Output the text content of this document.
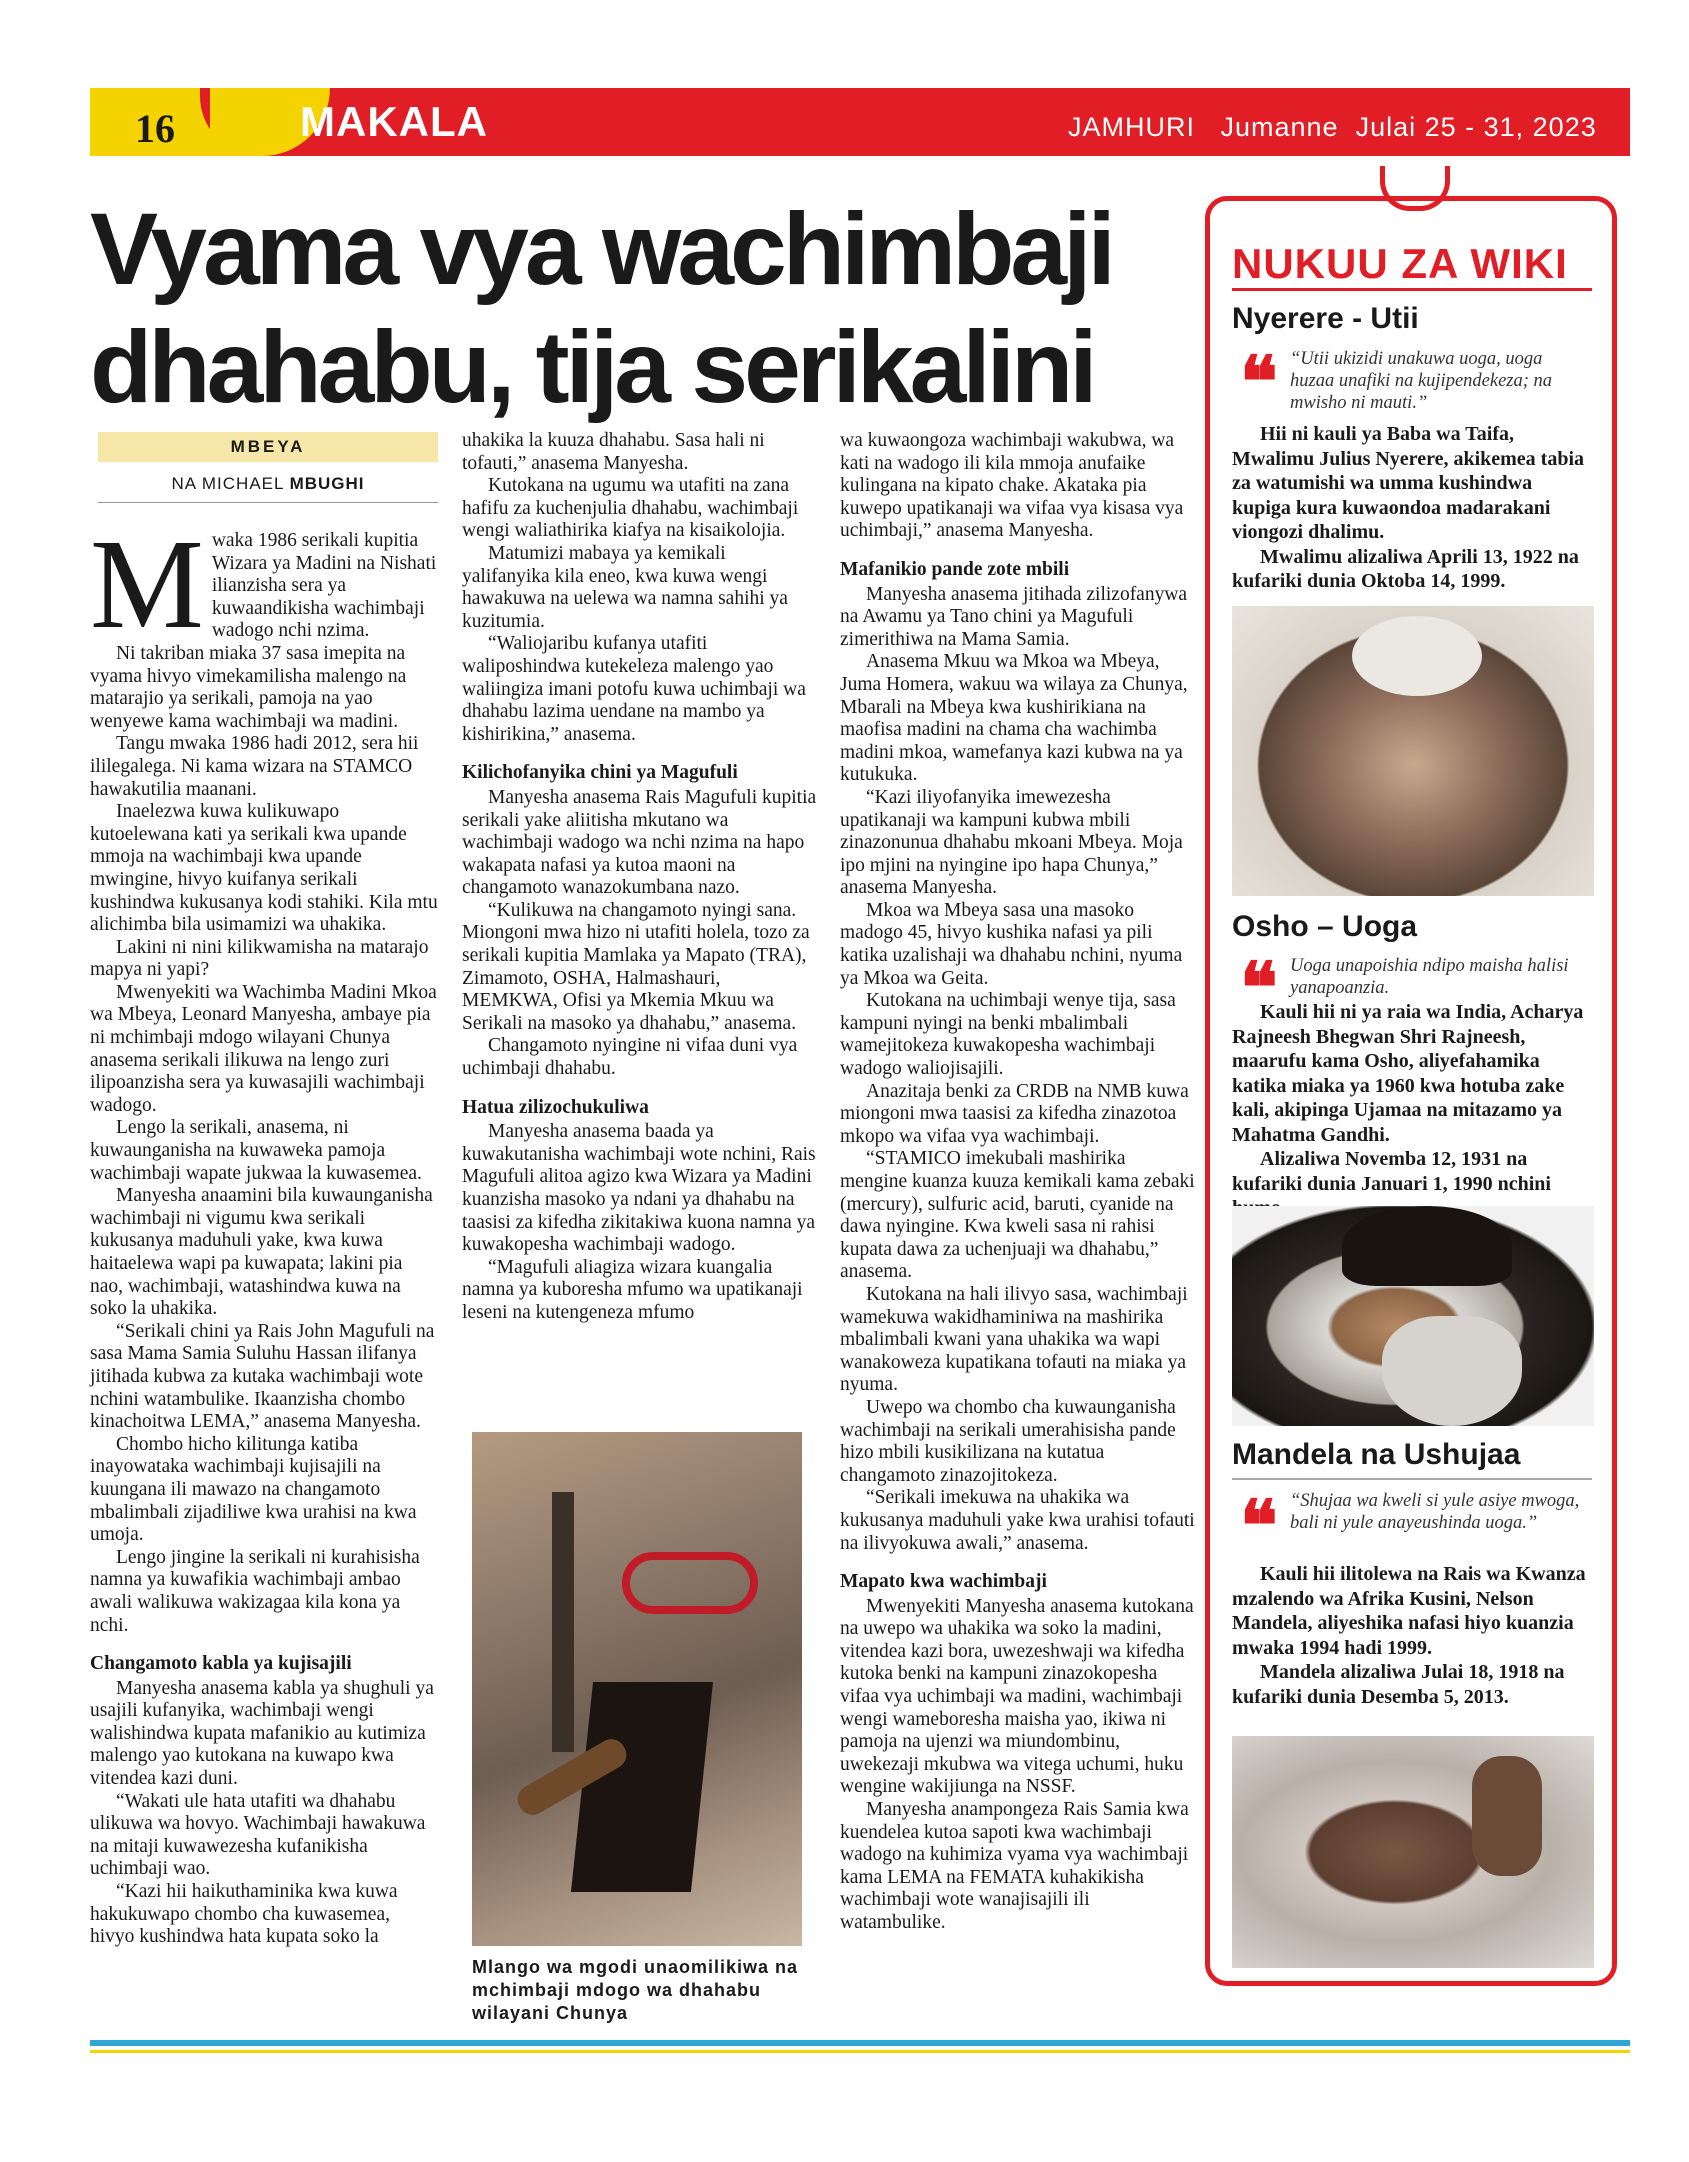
16	MAKALA	JAMHURI   Jumanne  Julai 25 - 31, 2023
Vyama vya wachimbaji
dhahabu, tija serikalini
MBEYA
NA MICHAEL MBUGHI

Mwaka 1986 serikali kupitia Wizara ya Madini na Nishati ilianzisha sera ya kuwaandikisha wachimbaji wadogo nchi nzima.

Ni takriban miaka 37 sasa imepita na vyama hivyo vimekamilisha malengo na matarajio ya serikali, pamoja na yao wenyewe kama wachimbaji wa madini.

Tangu mwaka 1986 hadi 2012, sera hii ililegalega. Ni kama wizara na STAMCO hawakutilia maanani.

Inaelezwa kuwa kulikuwapo kutoelewana kati ya serikali kwa upande mmoja na wachimbaji kwa upande mwingine, hivyo kuifanya serikali kushindwa kukusanya kodi stahiki. Kila mtu alichimba bila usimamizi wa uhakika.

Lakini ni nini kilikwamisha na matarajo mapya ni yapi?

Mwenyekiti wa Wachimba Madini Mkoa wa Mbeya, Leonard Manyesha, ambaye pia ni mchimbaji mdogo wilayani Chunya anasema serikali ilikuwa na lengo zuri ilipoanzisha sera ya kuwasajili wachimbaji wadogo.

Lengo la serikali, anasema, ni kuwaunganisha na kuwaweka pamoja wachimbaji wapate jukwaa la kuwasemea.

Manyesha anaamini bila kuwaunganisha wachimbaji ni vigumu kwa serikali kukusanya maduhuli yake, kwa kuwa haitaelewa wapi pa kuwapata; lakini pia nao, wachimbaji, watashindwa kuwa na soko la uhakika.

“Serikali chini ya Rais John Magufuli na sasa Mama Samia Suluhu Hassan ilifanya jitihada kubwa za kutaka wachimbaji wote nchini watambulike. Ikaanzisha chombo kinachoitwa LEMA,” anasema Manyesha.

Chombo hicho kilitunga katiba inayowataka wachimbaji kujisajili na kuungana ili mawazo na changamoto mbalimbali zijadiliwe kwa urahisi na kwa umoja.

Lengo jingine la serikali ni kurahisisha namna ya kuwafikia wachimbaji ambao awali walikuwa wakizagaa kila kona ya nchi.

Changamoto kabla ya kujisajili

Manyesha anasema kabla ya shughuli ya usajili kufanyika, wachimbaji wengi walishindwa kupata mafanikio au kutimiza malengo yao kutokana na kuwapo kwa vitendea kazi duni.

“Wakati ule hata utafiti wa dhahabu ulikuwa wa hovyo. Wachimbaji hawakuwa na mitaji kuwawezesha kufanikisha uchimbaji wao.

“Kazi hii haikuthaminika kwa kuwa hakukuwapo chombo cha kuwasemea, hivyo kushindwa hata kupata soko la

uhakika la kuuza dhahabu. Sasa hali ni tofauti,” anasema Manyesha.

Kutokana na ugumu wa utafiti na zana hafifu za kuchenjulia dhahabu, wachimbaji wengi waliathirika kiafya na kisaikolojia.

Matumizi mabaya ya kemikali yalifanyika kila eneo, kwa kuwa wengi hawakuwa na uelewa wa namna sahihi ya kuzitumia.

“Waliojaribu kufanya utafiti waliposhindwa kutekeleza malengo yao waliingiza imani potofu kuwa uchimbaji wa dhahabu lazima uendane na mambo ya kishirikina,” anasema.

Kilichofanyika chini ya Magufuli

Manyesha anasema Rais Magufuli kupitia serikali yake aliitisha mkutano wa wachimbaji wadogo wa nchi nzima na hapo wakapata nafasi ya kutoa maoni na changamoto wanazokumbana nazo.

“Kulikuwa na changamoto nyingi sana. Miongoni mwa hizo ni utafiti holela, tozo za serikali kupitia Mamlaka ya Mapato (TRA), Zimamoto, OSHA, Halmashauri, MEMKWA, Ofisi ya Mkemia Mkuu wa Serikali na masoko ya dhahabu,” anasema.

Changamoto nyingine ni vifaa duni vya uchimbaji dhahabu.

Hatua zilizochukuliwa

Manyesha anasema baada ya kuwakutanisha wachimbaji wote nchini, Rais Magufuli alitoa agizo kwa Wizara ya Madini kuanzisha masoko ya ndani ya dhahabu na taasisi za kifedha zikitakiwa kuona namna ya kuwakopesha wachimbaji wadogo.

“Magufuli aliagiza wizara kuangalia namna ya kuboresha mfumo wa upatikanaji leseni na kutengeneza mfumo

Mlango wa mgodi unaomilikiwa na mchimbaji mdogo wa dhahabu wilayani Chunya

wa kuwaongoza wachimbaji wakubwa, wa kati na wadogo ili kila mmoja anufaike kulingana na kipato chake. Akataka pia kuwepo upatikanaji wa vifaa vya kisasa vya uchimbaji,” anasema Manyesha.

Mafanikio pande zote mbili

Manyesha anasema jitihada zilizofanywa na Awamu ya Tano chini ya Magufuli zimerithiwa na Mama Samia.

Anasema Mkuu wa Mkoa wa Mbeya, Juma Homera, wakuu wa wilaya za Chunya, Mbarali na Mbeya kwa kushirikiana na maofisa madini na chama cha wachimba madini mkoa, wamefanya kazi kubwa na ya kutukuka.

“Kazi iliyofanyika imewezesha upatikanaji wa kampuni kubwa mbili zinazonunua dhahabu mkoani Mbeya. Moja ipo mjini na nyingine ipo hapa Chunya,” anasema Manyesha.

Mkoa wa Mbeya sasa una masoko madogo 45, hivyo kushika nafasi ya pili katika uzalishaji wa dhahabu nchini, nyuma ya Mkoa wa Geita.

Kutokana na uchimbaji wenye tija, sasa kampuni nyingi na benki mbalimbali wamejitokeza kuwakopesha wachimbaji wadogo waliojisajili.

Anazitaja benki za CRDB na NMB kuwa miongoni mwa taasisi za kifedha zinazotoa mkopo wa vifaa vya wachimbaji.

“STAMICO imekubali mashirika mengine kuanza kuuza kemikali kama zebaki (mercury), sulfuric acid, baruti, cyanide na dawa nyingine. Kwa kweli sasa ni rahisi kupata dawa za uchenjuaji wa dhahabu,” anasema.

Kutokana na hali ilivyo sasa, wachimbaji wamekuwa wakidhaminiwa na mashirika mbalimbali kwani yana uhakika wa wapi wanakoweza kupatikana tofauti na miaka ya nyuma.

Uwepo wa chombo cha kuwaunganisha wachimbaji na serikali umerahisisha pande hizo mbili kusikilizana na kutatua changamoto zinazojitokeza.

“Serikali imekuwa na uhakika wa kukusanya maduhuli yake kwa urahisi tofauti na ilivyokuwa awali,” anasema.

Mapato kwa wachimbaji

Mwenyekiti Manyesha anasema kutokana na uwepo wa uhakika wa soko la madini, vitendea kazi bora, uwezeshwaji wa kifedha kutoka benki na kampuni zinazokopesha vifaa vya uchimbaji wa madini, wachimbaji wengi wameboresha maisha yao, ikiwa ni pamoja na ujenzi wa miundombinu, uwekezaji mkubwa wa vitega uchumi, huku wengine wakijiunga na NSSF.

Manyesha anampongeza Rais Samia kwa kuendelea kutoa sapoti kwa wachimbaji wadogo na kuhimiza vyama vya wachimbaji kama LEMA na FEMATA kuhakikisha wachimbaji wote wanajisajili ili watambulike.

NUKUU ZA WIKI
Nyerere - Utii
❝ “Utii ukizidi unakuwa uoga, uoga huzaa unafiki na kujipendekeza; na mwisho ni mauti.”

Hii ni kauli ya Baba wa Taifa, Mwalimu Julius Nyerere, akikemea tabia za watumishi wa umma kushindwa kupiga kura kuwaondoa madarakani viongozi dhalimu.

Mwalimu alizaliwa Aprili 13, 1922 na kufariki dunia Oktoba 14, 1999.

Osho – Uoga
❝ Uoga unapoishia ndipo maisha halisi yanapoanzia.

Kauli hii ni ya raia wa India, Acharya Rajneesh Bhegwan Shri Rajneesh, maarufu kama Osho, aliyefahamika katika miaka ya 1960 kwa hotuba zake kali, akipinga Ujamaa na mitazamo ya Mahatma Gandhi.

Alizaliwa Novemba 12, 1931 na kufariki dunia Januari 1, 1990 nchini

Mandela na Ushujaa
❝ “Shujaa wa kweli si yule asiye mwoga, bali ni yule anayeushinda uoga.”

Kauli hii ilitolewa na Rais wa Kwanza mzalendo wa Afrika Kusini, Nelson Mandela, aliyeshika nafasi hiyo kuanzia mwaka 1994 hadi 1999.

Mandela alizaliwa Julai 18, 1918 na kufariki dunia Desemba 5, 2013.
